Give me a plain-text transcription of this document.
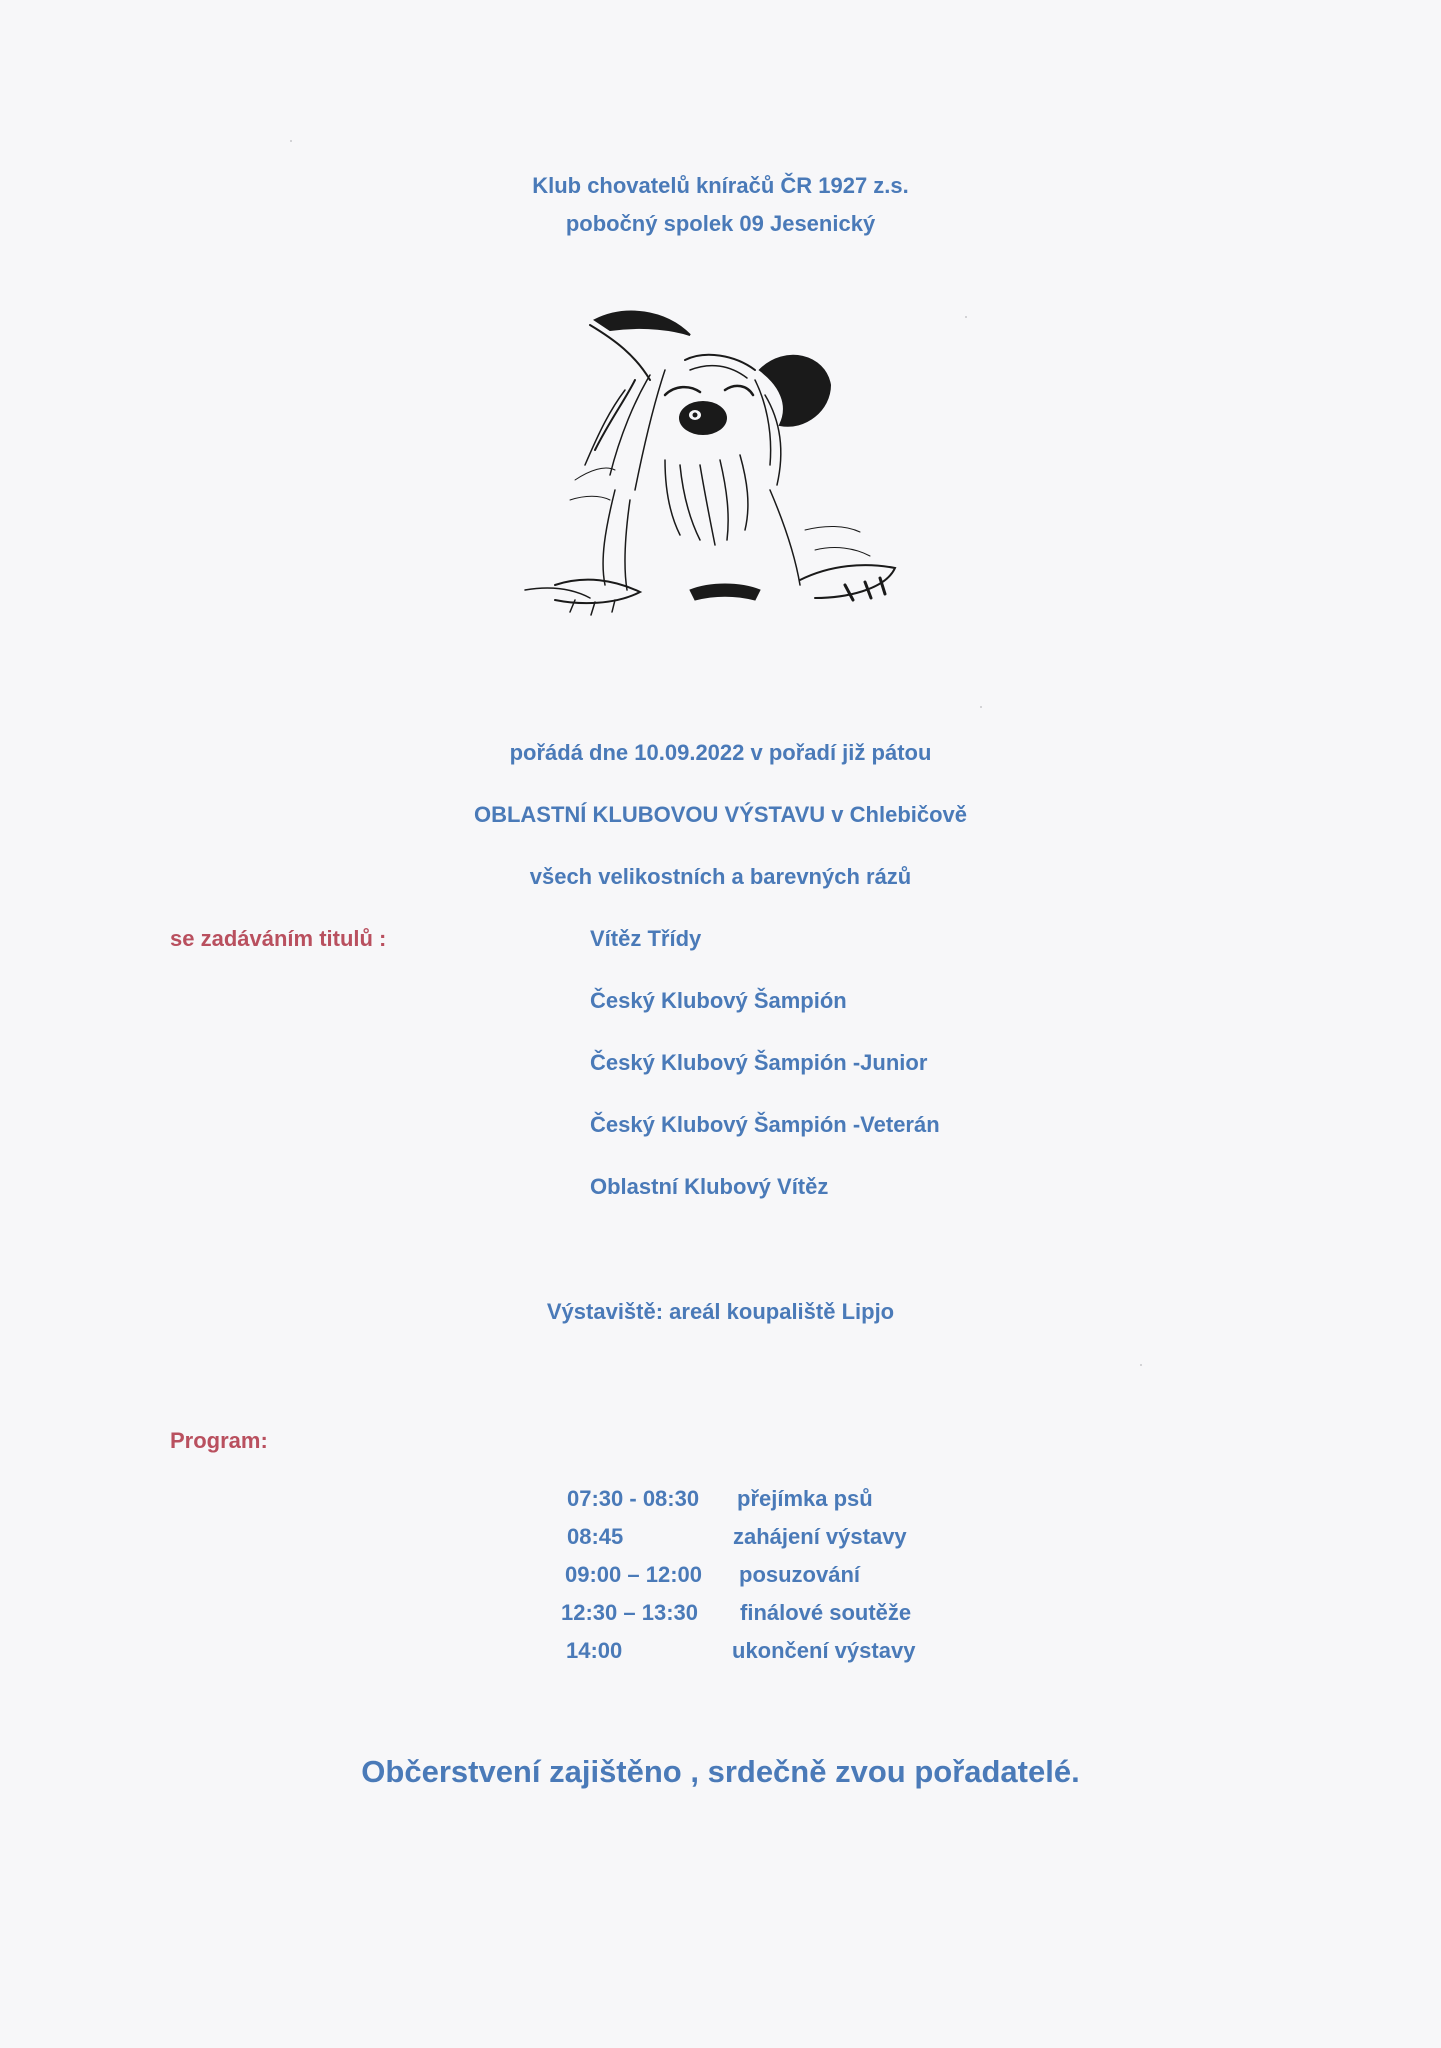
Klub chovatelů kníračů ČR 1927 z.s.
pobočný spolek 09 Jesenický
pořádá dne 10.09.2022 v pořadí již pátou
OBLASTNÍ KLUBOVOU VÝSTAVU v Chlebičově
všech velikostních a barevných rázů
se zadáváním titulů :	Vítěz Třídy
Český Klubový Šampión
Český Klubový Šampión -Junior
Český Klubový Šampión -Veterán
Oblastní Klubový Vítěz
Výstaviště: areál koupaliště Lipjo
Program:
07:30 - 08:30 přejímka psů
08:45	zahájení výstavy
09:00 – 12:00 posuzování
12:30 – 13:30 finálové soutěže
14:00	ukončení výstavy
Občerstvení zajištěno , srdečně zvou pořadatelé.
